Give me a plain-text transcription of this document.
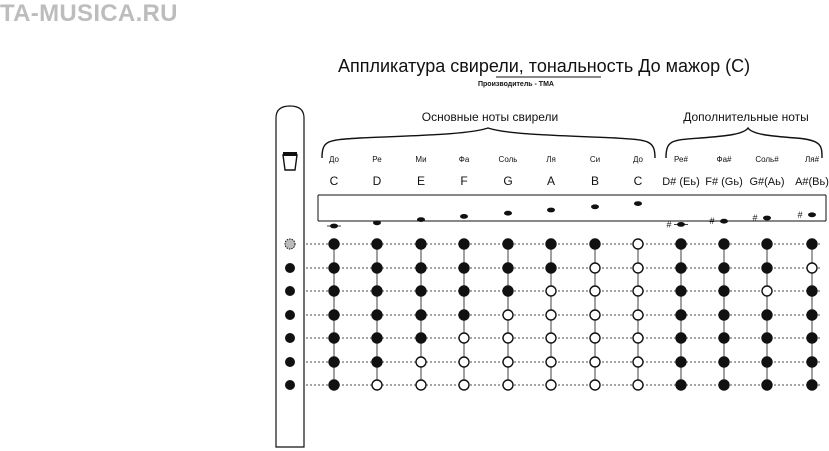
TA-MUSICA.RU
Аппликатура свирели, тональность До мажор (С)
Производитель - ТМА
Основные ноты свирели	Дополнительные ноты
До
C
Ре
D
Ми
E
Фа
F
Соль
G
Ля
A
Си
B
До
C
Ре#
D# (Eь)
#
Фа#
F# (Gь)
#
Соль#
G#(Aь)
#
Ля#
A#(Bь)
#
